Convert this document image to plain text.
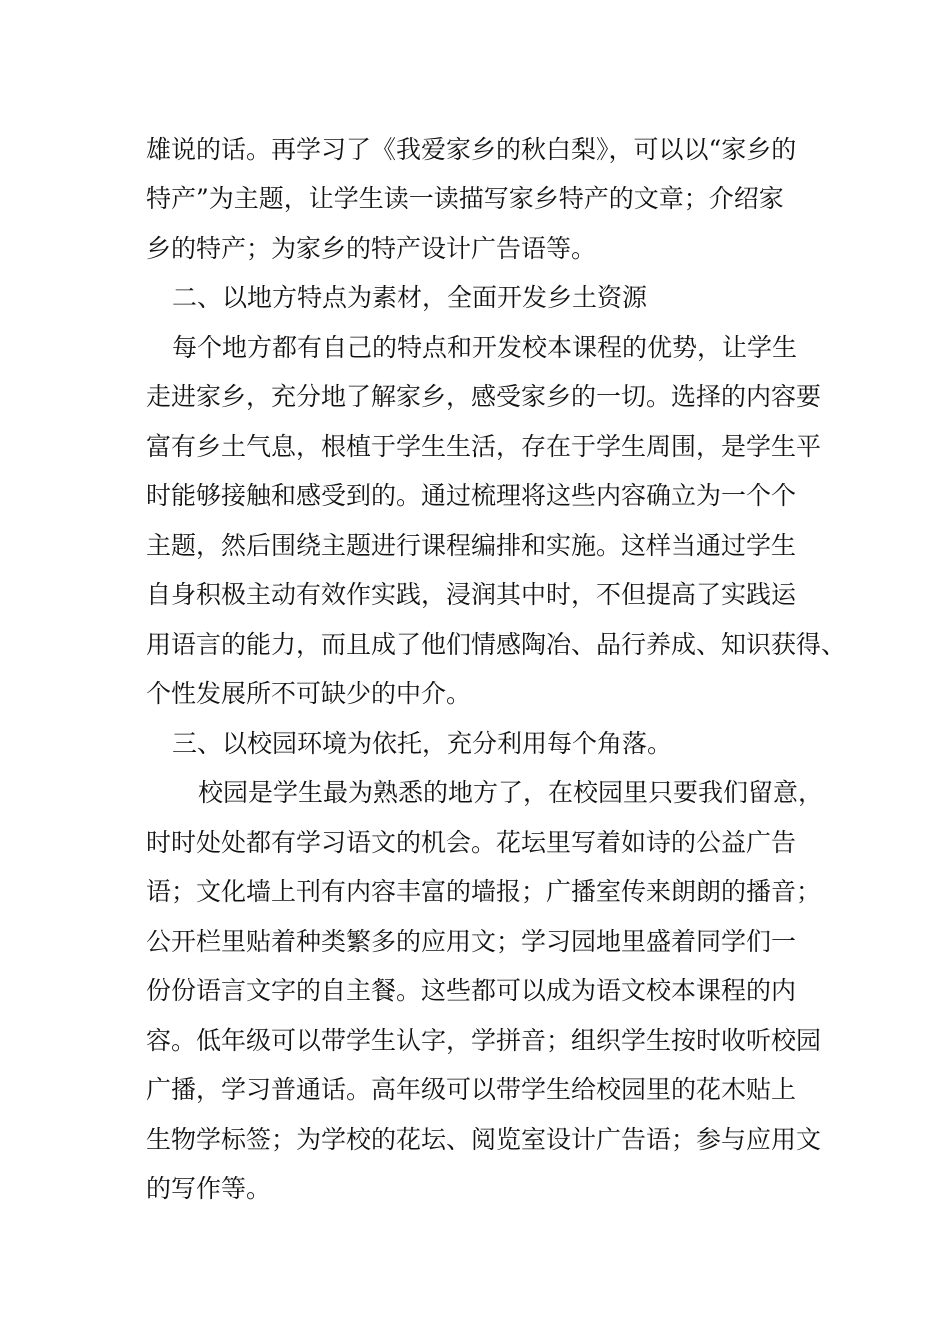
雄说的话。再学习了《我爱家乡的秋白梨》，可以以“家乡的
特产”为主题，让学生读一读描写家乡特产的文章；介绍家
乡的特产；为家乡的特产设计广告语等。
二、以地方特点为素材，全面开发乡土资源
每个地方都有自己的特点和开发校本课程的优势，让学生
走进家乡，充分地了解家乡，感受家乡的一切。选择的内容要
富有乡土气息，根植于学生生活，存在于学生周围，是学生平
时能够接触和感受到的。通过梳理将这些内容确立为一个个
主题，然后围绕主题进行课程编排和实施。这样当通过学生
自身积极主动有效作实践，浸润其中时，不但提高了实践运
用语言的能力，而且成了他们情感陶冶、品行养成、知识获得、
个性发展所不可缺少的中介。
三、以校园环境为依托，充分利用每个角落。
校园是学生最为熟悉的地方了，在校园里只要我们留意，
时时处处都有学习语文的机会。花坛里写着如诗的公益广告
语；文化墙上刊有内容丰富的墙报；广播室传来朗朗的播音；
公开栏里贴着种类繁多的应用文；学习园地里盛着同学们一
份份语言文字的自主餐。这些都可以成为语文校本课程的内
容。低年级可以带学生认字，学拼音；组织学生按时收听校园
广播，学习普通话。高年级可以带学生给校园里的花木贴上
生物学标签；为学校的花坛、阅览室设计广告语；参与应用文
的写作等。
